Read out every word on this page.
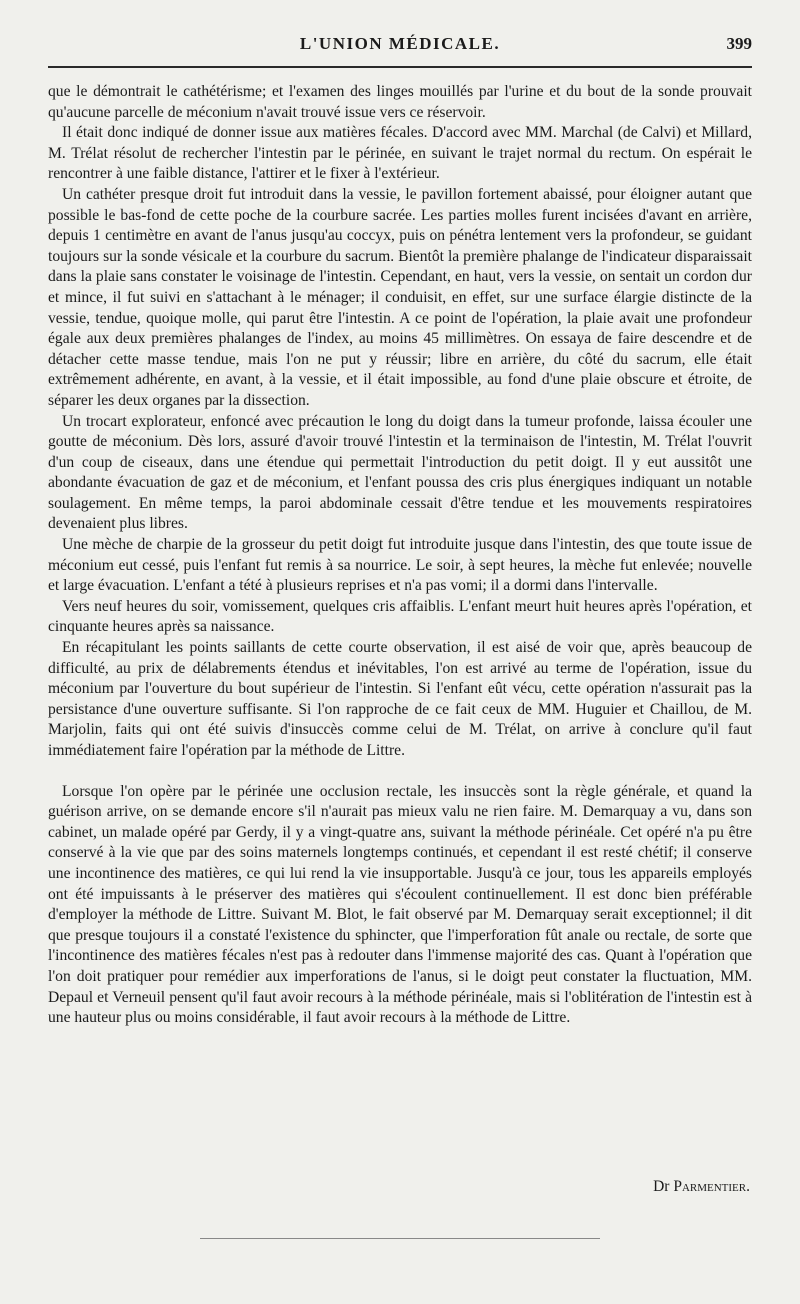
L'UNION MÉDICALE.	399

que le démontrait le cathétérisme; et l'examen des linges mouillés par l'urine et du bout de la sonde prouvait qu'aucune parcelle de méconium n'avait trouvé issue vers ce réservoir.

Il était donc indiqué de donner issue aux matières fécales. D'accord avec MM. Marchal (de Calvi) et Millard, M. Trélat résolut de rechercher l'intestin par le périnée, en suivant le trajet normal du rectum. On espérait le rencontrer à une faible distance, l'attirer et le fixer à l'extérieur.

Un cathéter presque droit fut introduit dans la vessie, le pavillon fortement abaissé, pour éloigner autant que possible le bas-fond de cette poche de la courbure sacrée. Les parties molles furent incisées d'avant en arrière, depuis 1 centimètre en avant de l'anus jusqu'au coccyx, puis on pénétra lentement vers la profondeur, se guidant toujours sur la sonde vésicale et la courbure du sacrum. Bientôt la première phalange de l'indicateur disparaissait dans la plaie sans constater le voisinage de l'intestin. Cependant, en haut, vers la vessie, on sentait un cordon dur et mince, il fut suivi en s'attachant à le ménager; il conduisit, en effet, sur une surface élargie distincte de la vessie, tendue, quoique molle, qui parut être l'intestin. A ce point de l'opération, la plaie avait une profondeur égale aux deux premières phalanges de l'index, au moins 45 millimètres. On essaya de faire descendre et de détacher cette masse tendue, mais l'on ne put y réussir; libre en arrière, du côté du sacrum, elle était extrêmement adhérente, en avant, à la vessie, et il était impossible, au fond d'une plaie obscure et étroite, de séparer les deux organes par la dissection.

Un trocart explorateur, enfoncé avec précaution le long du doigt dans la tumeur profonde, laissa écouler une goutte de méconium. Dès lors, assuré d'avoir trouvé l'intestin et la terminaison de l'intestin, M. Trélat l'ouvrit d'un coup de ciseaux, dans une étendue qui permettait l'introduction du petit doigt. Il y eut aussitôt une abondante évacuation de gaz et de méconium, et l'enfant poussa des cris plus énergiques indiquant un notable soulagement. En même temps, la paroi abdominale cessait d'être tendue et les mouvements respiratoires devenaient plus libres.

Une mèche de charpie de la grosseur du petit doigt fut introduite jusque dans l'intestin, des que toute issue de méconium eut cessé, puis l'enfant fut remis à sa nourrice. Le soir, à sept heures, la mèche fut enlevée; nouvelle et large évacuation. L'enfant a tété à plusieurs reprises et n'a pas vomi; il a dormi dans l'intervalle.

Vers neuf heures du soir, vomissement, quelques cris affaiblis. L'enfant meurt huit heures après l'opération, et cinquante heures après sa naissance.

En récapitulant les points saillants de cette courte observation, il est aisé de voir que, après beaucoup de difficulté, au prix de délabrements étendus et inévitables, l'on est arrivé au terme de l'opération, issue du méconium par l'ouverture du bout supérieur de l'intestin. Si l'enfant eût vécu, cette opération n'assurait pas la persistance d'une ouverture suffisante. Si l'on rapproche de ce fait ceux de MM. Huguier et Chaillou, de M. Marjolin, faits qui ont été suivis d'insuccès comme celui de M. Trélat, on arrive à conclure qu'il faut immédiatement faire l'opération par la méthode de Littre.

Lorsque l'on opère par le périnée une occlusion rectale, les insuccès sont la règle générale, et quand la guérison arrive, on se demande encore s'il n'aurait pas mieux valu ne rien faire. M. Demarquay a vu, dans son cabinet, un malade opéré par Gerdy, il y a vingt-quatre ans, suivant la méthode périnéale. Cet opéré n'a pu être conservé à la vie que par des soins maternels longtemps continués, et cependant il est resté chétif; il conserve une incontinence des matières, ce qui lui rend la vie insupportable. Jusqu'à ce jour, tous les appareils employés ont été impuissants à le préserver des matières qui s'écoulent continuellement. Il est donc bien préférable d'employer la méthode de Littre. Suivant M. Blot, le fait observé par M. Demarquay serait exceptionnel; il dit que presque toujours il a constaté l'existence du sphincter, que l'imperforation fût anale ou rectale, de sorte que l'incontinence des matières fécales n'est pas à redouter dans l'immense majorité des cas. Quant à l'opération que l'on doit pratiquer pour remédier aux imperforations de l'anus, si le doigt peut constater la fluctuation, MM. Depaul et Verneuil pensent qu'il faut avoir recours à la méthode périnéale, mais si l'oblitération de l'intestin est à une hauteur plus ou moins considérable, il faut avoir recours à la méthode de Littre.

Dr Parmentier.
